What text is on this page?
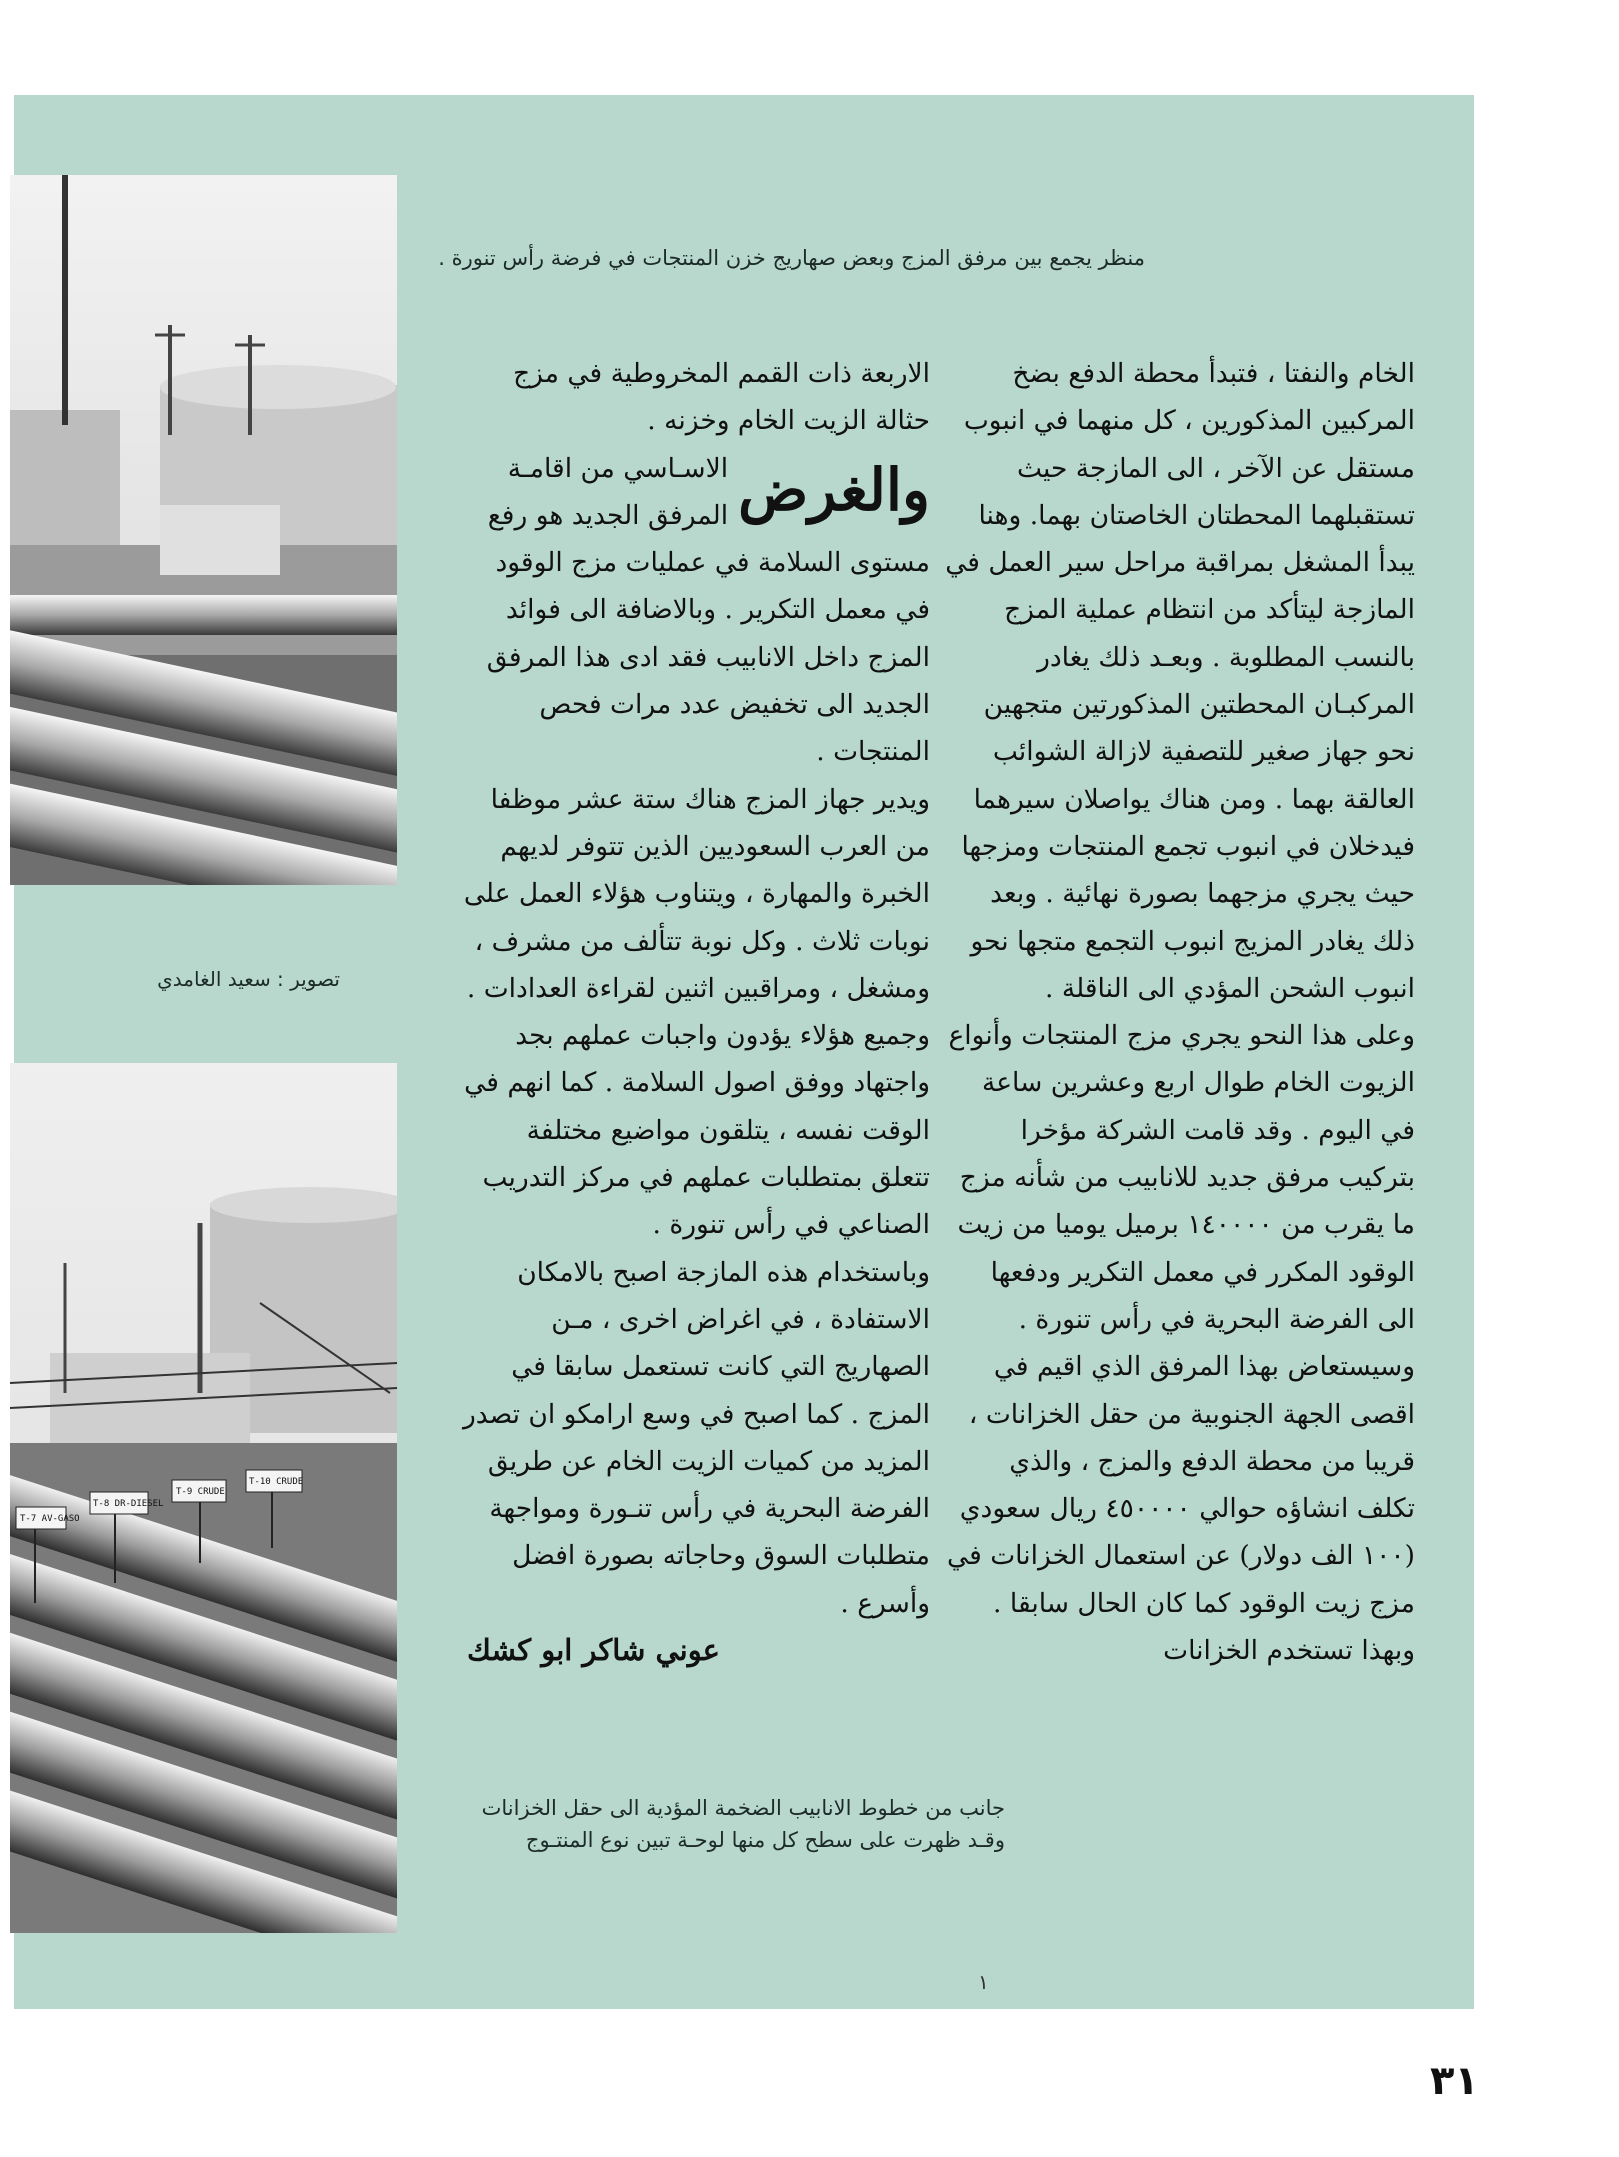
T-7 AV-GASO
T-8 DR-DIESEL
T-9 CRUDE
T-10 CRUDE
منظر يجمع بين مرفق المزج وبعض صهاريج خزن المنتجات في فرضة رأس تنورة .
تصوير : سعيد الغامدي
جانب من خطوط الانابيب الضخمة المؤدية الى حقل الخزانات
وقـد ظهرت على سطح كل منها لوحـة تبين نوع المنتـوج

الخام والنفتا ، فتبدأ محطة الدفع بضخ المركبين المذكورين ، كل منهما في انبوب مستقل عن الآخر ، الى المازجة حيث تستقبلهما المحطتان الخاصتان بهما. وهنا يبدأ المشغل بمراقبة مراحل سير العمل في المازجة ليتأكد من انتظام عملية المزج بالنسب المطلوبة . وبعـد ذلك يغادر المركبـان المحطتين المذكورتين متجهين نحو جهاز صغير للتصفية لازالة الشوائب العالقة بهما . ومن هناك يواصلان سيرهما فيدخلان في انبوب تجمع المنتجات ومزجها حيث يجري مزجهما بصورة نهائية . وبعد ذلك يغادر المزيج انبوب التجمع متجها نحو انبوب الشحن المؤدي الى الناقلة .

وعلى هذا النحو يجري مزج المنتجات وأنواع الزيوت الخام طوال اربع وعشرين ساعة في اليوم . وقد قامت الشركة مؤخرا بتركيب مرفق جديد للانابيب من شأنه مزج ما يقرب من ١٤٠٠٠٠ برميل يوميا من زيت الوقود المكرر في معمل التكرير ودفعها الى الفرضة البحرية في رأس تنورة . وسيستعاض بهذا المرفق الذي اقيم في اقصى الجهة الجنوبية من حقل الخزانات ، قريبا من محطة الدفع والمزج ، والذي تكلف انشاؤه حوالي ٤٥٠٠٠٠ ريال سعودي (١٠٠ الف دولار) عن استعمال الخزانات في مزج زيت الوقود كما كان الحال سابقا . وبهذا تستخدم الخزانات

الاربعة ذات القمم المخروطية في مزج حثالة الزيت الخام وخزنه .

والغرض
الاسـاسي من اقامـة المرفق الجديد هو رفع مستوى السلامة في عمليات مزج الوقود في معمل التكرير . وبالاضافة الى فوائد المزج داخل الانابيب فقد ادى هذا المرفق الجديد الى تخفيض عدد مرات فحص المنتجات .

ويدير جهاز المزج هناك ستة عشر موظفا من العرب السعوديين الذين تتوفر لديهم الخبرة والمهارة ، ويتناوب هؤلاء العمل على نوبات ثلاث . وكل نوبة تتألف من مشرف ، ومشغل ، ومراقبين اثنين لقراءة العدادات . وجميع هؤلاء يؤدون واجبات عملهم بجد واجتهاد ووفق اصول السلامة . كما انهم في الوقت نفسه ، يتلقون مواضيع مختلفة تتعلق بمتطلبات عملهم في مركز التدريب الصناعي في رأس تنورة .

وباستخدام هذه المازجة اصبح بالامكان الاستفادة ، في اغراض اخرى ، مـن الصهاريج التي كانت تستعمل سابقا في المزج . كما اصبح في وسع ارامكو ان تصدر المزيد من كميات الزيت الخام عن طريق الفرضة البحرية في رأس تنـورة ومواجهة متطلبات السوق وحاجاته بصورة افضل وأسرع .

عوني شاكر ابو كشك

١
٣١
